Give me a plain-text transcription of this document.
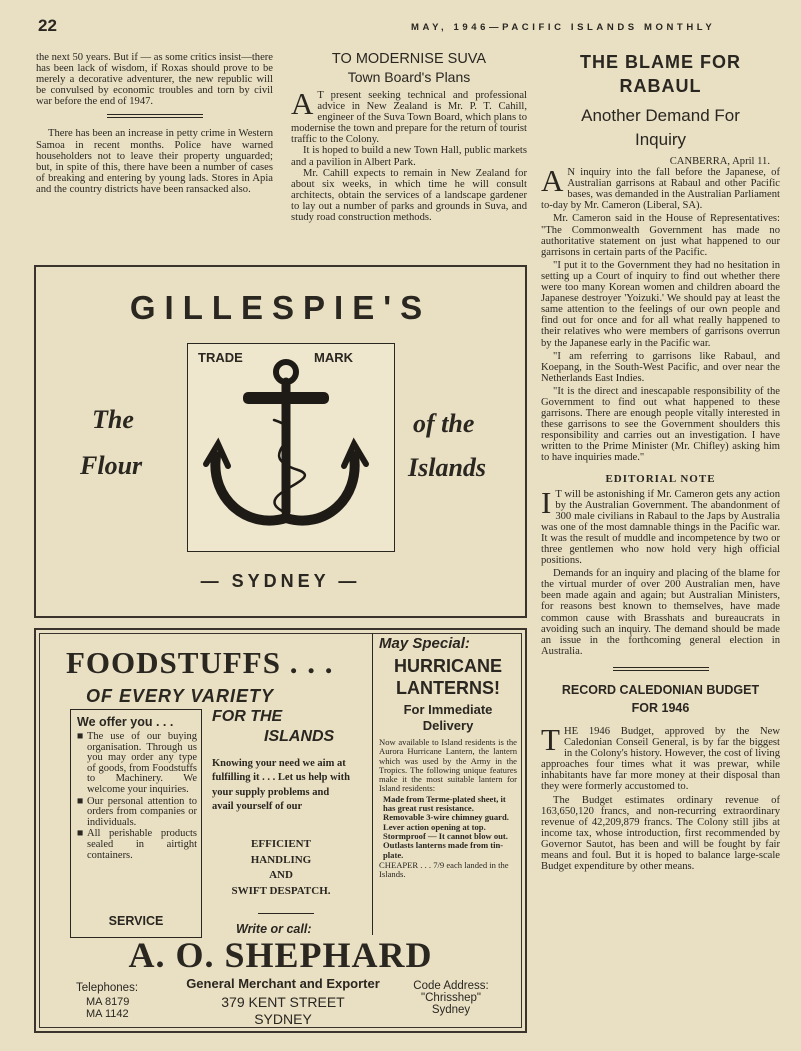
22	MAY, 1946—PACIFIC ISLANDS MONTHLY

the next 50 years. But if — as some critics insist—there has been lack of wisdom, if Roxas should prove to be merely a decorative adventurer, the new republic will be convulsed by economic troubles and torn by civil war before the end of 1947.

There has been an increase in petty crime in Western Samoa in recent months. Police have warned householders not to leave their property unguarded; but, in spite of this, there have been a number of cases of breaking and entering by young lads. Stores in Apia and the country districts have been ransacked also.

TO MODERNISE SUVA
Town Board's Plans

A T present seeking technical and professional advice in New Zealand is Mr. P. T. Cahill, engineer of the Suva Town Board, which plans to modernise the town and prepare for the return of tourist traffic to the Colony.

It is hoped to build a new Town Hall, public markets and a pavilion in Albert Park.

Mr. Cahill expects to remain in New Zealand for about six weeks, in which time he will consult architects, obtain the services of a landscape gardener to lay out a number of parks and grounds in Suva, and study road construction methods.

GILLESPIE'S
The
Flour
of the
Islands
TRADE	MARK
— SYDNEY —
FOODSTUFFS . . .
OF EVERY VARIETY
We offer you . . .
■ The use of our buying organisation. Through us you may order any type of goods, from Foodstuffs to Machinery. We welcome your inquiries.
■ Our personal attention to orders from companies or individuals.
■ All perishable products sealed in airtight containers.
SERVICE
FOR THE
ISLANDS
Knowing your need we aim at fulfilling it . . . Let us help with your supply problems and avail yourself of our
EFFICIENT
HANDLING
AND
SWIFT DESPATCH.
Write or call:
May Special:
HURRICANE
LANTERNS!
For Immediate
Delivery
Now available to Island residents is the Aurora Hurricane Lantern, the lantern which was used by the Army in the Tropics. The following unique features make it the most suitable lantern for Island residents:
Made from Terme-plated sheet, it has great rust resistance.
Removable 3-wire chimney guard.
Lever action opening at top.
Stormproof — It cannot blow out.
Outlasts lanterns made from tin-plate.
CHEAPER . . . 7/9 each landed in the Islands.
A. O. SHEPHARD
Telephones:
MA 8179
MA 1142
General Merchant and Exporter
379 KENT STREET
SYDNEY
Code Address:
"Chrisshep"
Sydney
THE BLAME FOR
RABAUL
Another Demand For
Inquiry

CANBERRA, April 11.

A N inquiry into the fall before the Japanese, of Australian garrisons at Rabaul and other Pacific bases, was demanded in the Australian Parliament to-day by Mr. Cameron (Liberal, SA).

Mr. Cameron said in the House of Representatives: "The Commonwealth Government has made no authoritative statement on just what happened to our garrisons in certain parts of the Pacific.

"I put it to the Government they had no hesitation in setting up a Court of inquiry to find out whether there were too many Korean women and children aboard the Japanese destroyer 'Yoizuki.' We should pay at least the same attention to the feelings of our own people and find out for once and for all what really happened to their relatives who were members of garrisons overrun by the Japanese early in the Pacific war.

"I am referring to garrisons like Rabaul, and Koepang, in the South-West Pacific, and over near the Netherlands East Indies.

"It is the direct and inescapable responsibility of the Government to find out what happened to these garrisons. There are enough people vitally interested in these garrisons to see the Government shoulders this responsibility and carries out an investigation. I have written to the Prime Minister (Mr. Chifley) asking him to have inquiries made."

EDITORIAL NOTE

I T will be astonishing if Mr. Cameron gets any action by the Australian Government. The abandonment of 300 male civilians in Rabaul to the Japs by Australia was one of the most damnable things in the Pacific war. It was the result of muddle and incompetence by two or three gentlemen who now hold very high official positions.

Demands for an inquiry and placing of the blame for the virtual murder of over 200 Australian men, have been made again and again; but Australian Ministers, for reasons best known to themselves, have made common cause with Brasshats and bureaucrats in avoiding such an inquiry. The demand should be made an issue in the forthcoming general election in Australia.

RECORD CALEDONIAN BUDGET
FOR 1946

THE 1946 Budget, approved by the New Caledonian Conseil General, is by far the biggest in the Colony's history. However, the cost of living approaches four times what it was prewar, while inhabitants have far more money at their disposal than they were formerly accustomed to.

The Budget estimates ordinary revenue of 163,650,120 francs, and non-recurring extraordinary revenue of 42,209,879 francs. The Colony still jibs at income tax, whose introduction, first recommended by Governor Sautot, has been and will be fought by fair means and foul. But it is hoped to balance large-scale Budget expenditure by other means.
